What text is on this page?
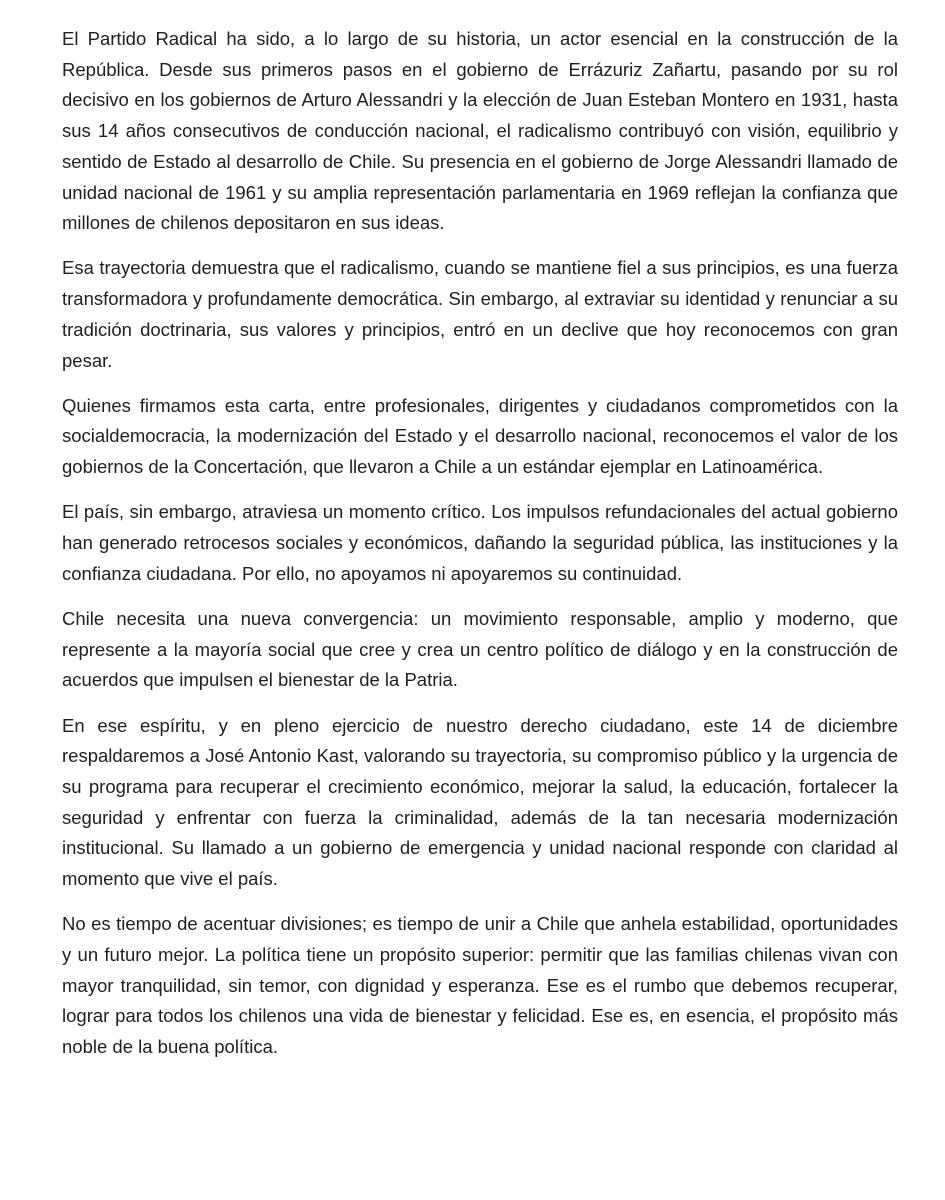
El Partido Radical ha sido, a lo largo de su historia, un actor esencial en la construcción de la República. Desde sus primeros pasos en el gobierno de Errázuriz Zañartu, pasando por su rol decisivo en los gobiernos de Arturo Alessandri y la elección de Juan Esteban Montero en 1931, hasta sus 14 años consecutivos de conducción nacional, el radicalismo contribuyó con visión, equilibrio y sentido de Estado al desarrollo de Chile. Su presencia en el gobierno de Jorge Alessandri llamado de unidad nacional de 1961 y su amplia representación parlamentaria en 1969 reflejan la confianza que millones de chilenos depositaron en sus ideas.

Esa trayectoria demuestra que el radicalismo, cuando se mantiene fiel a sus principios, es una fuerza transformadora y profundamente democrática. Sin embargo, al extraviar su identidad y renunciar a su tradición doctrinaria, sus valores y principios, entró en un declive que hoy reconocemos con gran pesar.

Quienes firmamos esta carta, entre profesionales, dirigentes y ciudadanos comprometidos con la socialdemocracia, la modernización del Estado y el desarrollo nacional, reconocemos el valor de los gobiernos de la Concertación, que llevaron a Chile a un estándar ejemplar en Latinoamérica.

El país, sin embargo, atraviesa un momento crítico. Los impulsos refundacionales del actual gobierno han generado retrocesos sociales y económicos, dañando la seguridad pública, las instituciones y la confianza ciudadana. Por ello, no apoyamos ni apoyaremos su continuidad.

Chile necesita una nueva convergencia: un movimiento responsable, amplio y moderno, que represente a la mayoría social que cree y crea un centro político de diálogo y en la construcción de acuerdos que impulsen el bienestar de la Patria.

En ese espíritu, y en pleno ejercicio de nuestro derecho ciudadano, este 14 de diciembre respaldaremos a José Antonio Kast, valorando su trayectoria, su compromiso público y la urgencia de su programa para recuperar el crecimiento económico, mejorar la salud, la educación, fortalecer la seguridad y enfrentar con fuerza la criminalidad, además de la tan necesaria modernización institucional. Su llamado a un gobierno de emergencia y unidad nacional responde con claridad al momento que vive el país.

No es tiempo de acentuar divisiones; es tiempo de unir a Chile que anhela estabilidad, oportunidades y un futuro mejor. La política tiene un propósito superior: permitir que las familias chilenas vivan con mayor tranquilidad, sin temor, con dignidad y esperanza. Ese es el rumbo que debemos recuperar, lograr para todos los chilenos una vida de bienestar y felicidad. Ese es, en esencia, el propósito más noble de la buena política.
